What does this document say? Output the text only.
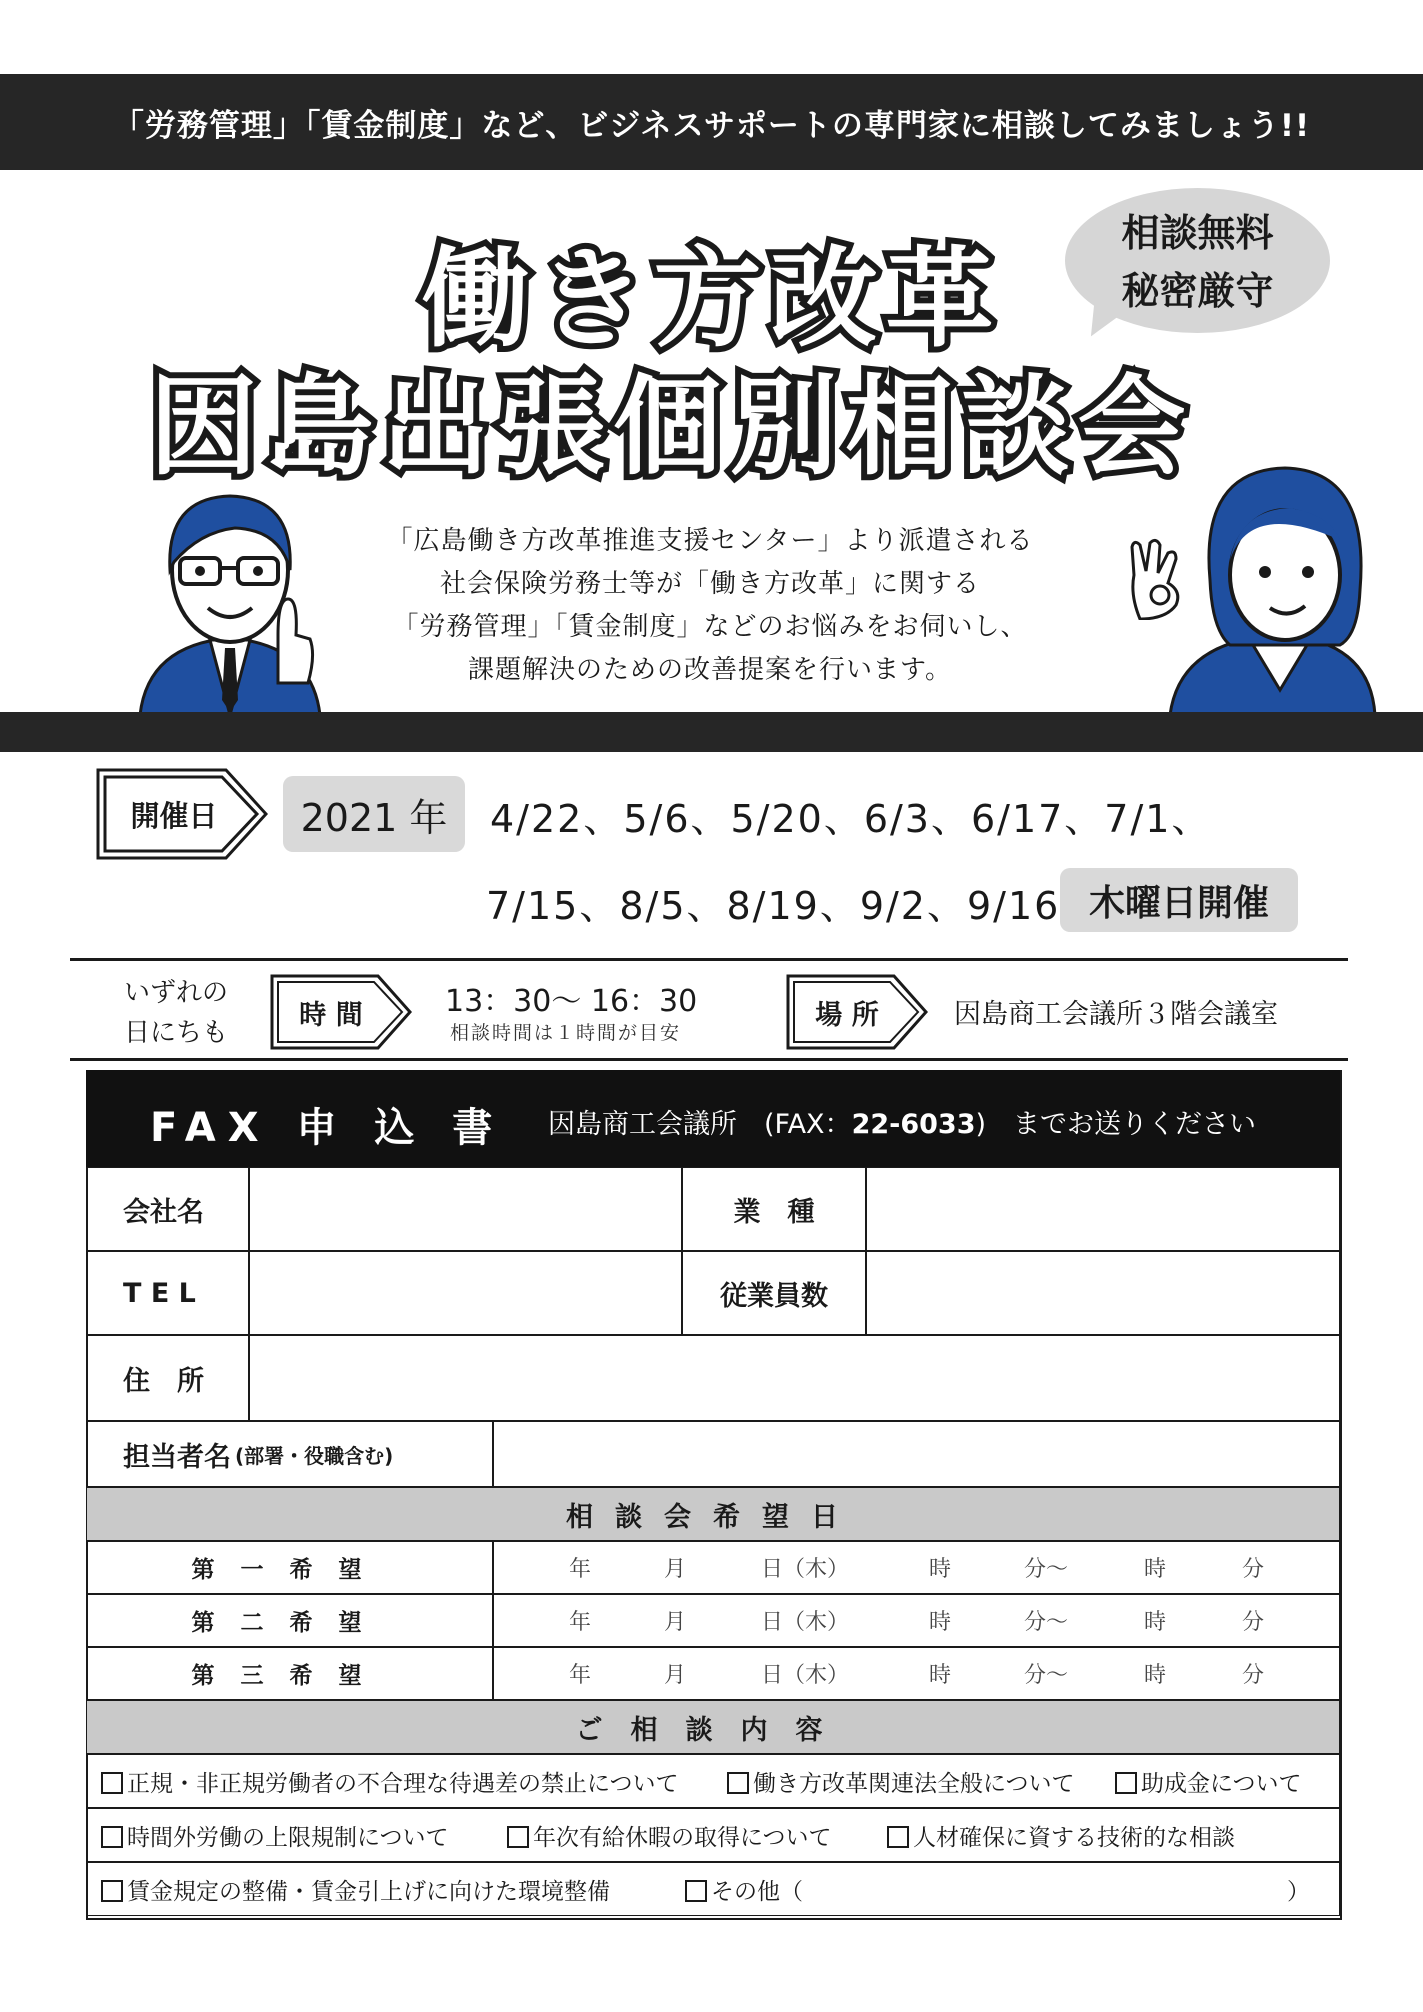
「労務管理」「賃金制度」など、ビジネスサポートの専門家に相談してみましょう!!
働き方改革
因島出張個別相談会
相談無料
秘密厳守
「広島働き方改革推進支援センター」より派遣される
社会保険労務士等が「働き方改革」に関する
「労務管理」「賃金制度」などのお悩みをお伺いし、
課題解決のための改善提案を行います。
開催日	2021 年	4/22、5/6、5/20、6/3、6/17、7/1、
7/15、8/5、8/19、9/2、9/16 木曜日開催
いずれの
日にちも
時 間	13：30～ 16：30
相談時間は１時間が目安
場 所	因島商工会議所３階会議室
FAX 申 込 書 因島商工会議所　(FAX：22-6033)　までお送りください
会社名	業　種
T E L	従業員数
住　所
担当者名 (部署・役職含む)
相談会希望日
第一希望	年	月	日（木）	時	分～	時	分
第二希望	年	月	日（木）	時	分～	時	分
第三希望	年	月	日（木）	時	分～	時	分
ご相談内容
正規・非正規労働者の不合理な待遇差の禁止について	働き方改革関連法全般について	助成金について
時間外労働の上限規制について	年次有給休暇の取得について	人材確保に資する技術的な相談
賃金規定の整備・賃金引上げに向けた環境整備	その他（	）
